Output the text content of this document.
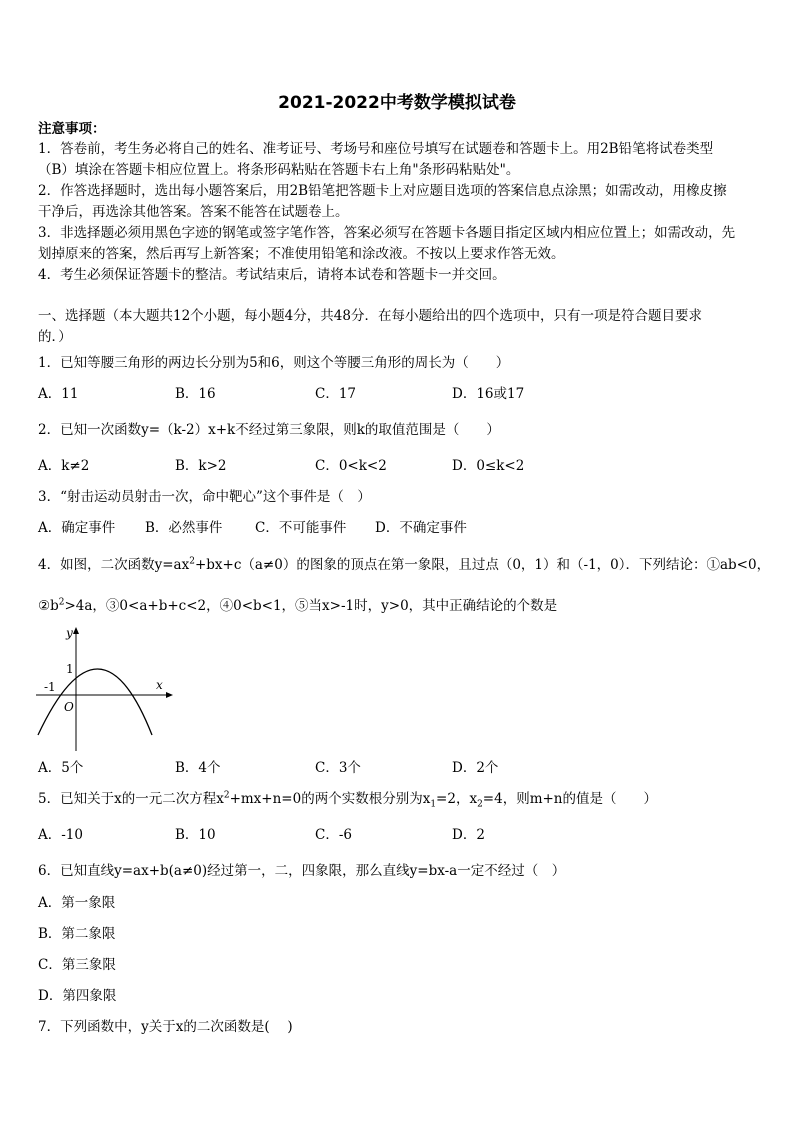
2021-2022中考数学模拟试卷
注意事项：
1．答卷前，考生务必将自己的姓名、准考证号、考场号和座位号填写在试题卷和答题卡上。用2B铅笔将试卷类型
（B）填涂在答题卡相应位置上。将条形码粘贴在答题卡右上角"条形码粘贴处"。
2．作答选择题时，选出每小题答案后，用2B铅笔把答题卡上对应题目选项的答案信息点涂黑；如需改动，用橡皮擦
干净后，再选涂其他答案。答案不能答在试题卷上。
3．非选择题必须用黑色字迹的钢笔或签字笔作答，答案必须写在答题卡各题目指定区域内相应位置上；如需改动，先
划掉原来的答案，然后再写上新答案；不准使用铅笔和涂改液。不按以上要求作答无效。
4．考生必须保证答题卡的整洁。考试结束后，请将本试卷和答题卡一并交回。
一、选择题（本大题共12个小题，每小题4分，共48分．在每小题给出的四个选项中，只有一项是符合题目要求
的．）
1．已知等腰三角形的两边长分别为5和6，则这个等腰三角形的周长为（　　）
A．11	B．16	C．17	D．16或17
2．已知一次函数y=（k-2）x+k不经过第三象限，则k的取值范围是（　　）
A．k≠2	B．k>2	C．0<k<2	D．0≤k<2
3．“射击运动员射击一次，命中靶心”这个事件是（　）
A．确定事件 B．必然事件 C．不可能事件 D．不确定事件
4．如图，二次函数$y=ax^2+bx+c(a\ne 0)$的图象的顶点在第一象限，且过点（0，1）和（-1，0）．下列结论：①ab<0，
$②b^2>4a$，③0<a+b+c<2，④0<b<1，⑤当x>-1时，y>0，其中正确结论的个数是
y
x
1
-1
O
A．5个	B．4个	C．3个	D．2个
5．已知关于x的一元二次方程$x^2+mx+n=0$的两个实数根分别为$x_1=2$，$x_2=4$，则m+n的值是（　　）
A．-10	B．10	C．-6	D．2
6．已知直线y=ax+b(a≠0)经过第一，二，四象限，那么直线y=bx-a一定不经过（　）
A．第一象限
B．第二象限
C．第三象限
D．第四象限
7．下列函数中，y关于x的二次函数是(　 )
